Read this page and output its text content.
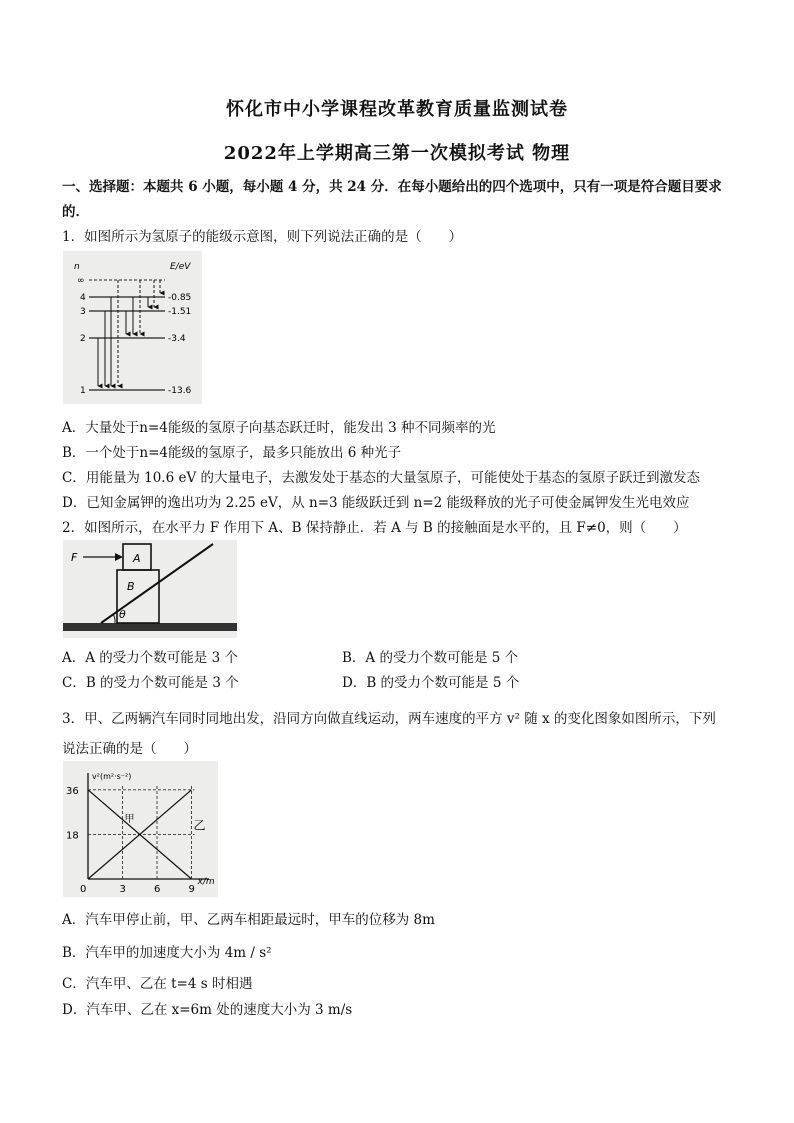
怀化市中小学课程改革教育质量监测试卷
2022年上学期高三第一次模拟考试 物理
一、选择题：本题共 6 小题，每小题 4 分，共 24 分．在每小题给出的四个选项中，只有一项是符合题目要求
的．
1．如图所示为氢原子的能级示意图，则下列说法正确的是（　　）
n	E/eV
∞
4
3
2
1
-0.85
-1.51
-3.4
-13.6
A．大量处于n=4能级的氢原子向基态跃迁时，能发出 3 种不同频率的光
B．一个处于n=4能级的氢原子，最多只能放出 6 种光子
C．用能量为 10.6 eV 的大量电子，去激发处于基态的大量氢原子，可能使处于基态的氢原子跃迁到激发态
D．已知金属钾的逸出功为 2.25 eV，从 n=3 能级跃迁到 n=2 能级释放的光子可使金属钾发生光电效应
2．如图所示，在水平力 F 作用下 A、B 保持静止．若 A 与 B 的接触面是水平的，且 F≠0，则（　　）
F	A
B
θ
A．A 的受力个数可能是 3 个	B．A 的受力个数可能是 5 个
C．B 的受力个数可能是 3 个	D．B 的受力个数可能是 5 个
3．甲、乙两辆汽车同时同地出发，沿同方向做直线运动，两车速度的平方 v² 随 x 的变化图象如图所示，下列
说法正确的是（　　）
0	3	6	9
18
36
v²(m²·s⁻²)
x/m
甲	乙
A．汽车甲停止前，甲、乙两车相距最远时，甲车的位移为 8m
B．汽车甲的加速度大小为 4m / s²
C．汽车甲、乙在 t=4 s 时相遇
D．汽车甲、乙在 x=6m 处的速度大小为 3 m/s
